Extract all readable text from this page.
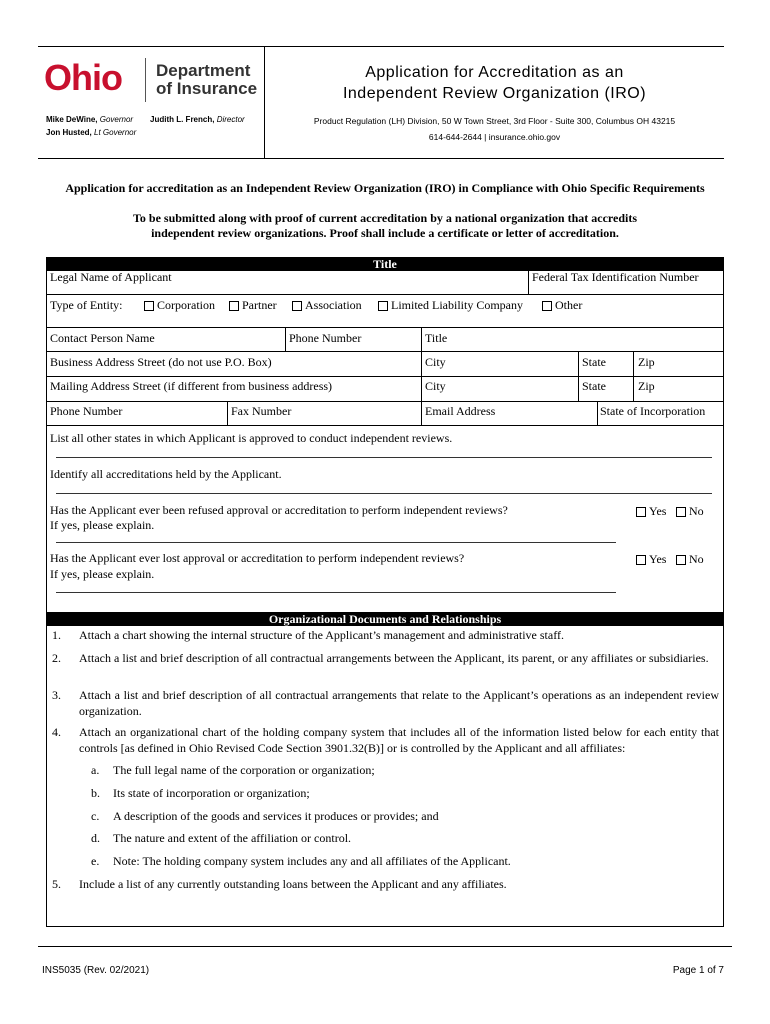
Ohio	Department
of Insurance
Mike DeWine, Governor Judith L. French, Director
Jon Husted, Lt Governor
Application for Accreditation as an
Independent Review Organization (IRO)
Product Regulation (LH) Division, 50 W Town Street, 3rd Floor - Suite 300, Columbus OH 43215
614-644-2644 | insurance.ohio.gov
Application for accreditation as an Independent Review Organization (IRO) in Compliance with Ohio Specific Requirements
To be submitted along with proof of current accreditation by a national organization that accredits
independent review organizations. Proof shall include a certificate or letter of accreditation.
Title
Legal Name of Applicant	Federal Tax Identification Number
Type of Entity:	Corporation Partner Association Limited Liability Company	Other
Contact Person Name	Phone Number	Title
Business Address Street (do not use P.O. Box)	City	State	Zip
Mailing Address Street (if different from business address)	City	State	Zip
Phone Number	Fax Number	Email Address	State of Incorporation
List all other states in which Applicant is approved to conduct independent reviews.
Identify all accreditations held by the Applicant.
Has the Applicant ever been refused approval or accreditation to perform independent reviews?
If yes, please explain.
Yes No
Has the Applicant ever lost approval or accreditation to perform independent reviews?
If yes, please explain.
Yes No
Organizational Documents and Relationships
1. Attach a chart showing the internal structure of the Applicant’s management and administrative staff.
2. Attach a list and brief description of all contractual arrangements between the Applicant, its parent, or any affiliates or subsidiaries.
3. Attach a list and brief description of all contractual arrangements that relate to the Applicant’s operations as an independent review organization.
4. Attach an organizational chart of the holding company system that includes all of the information listed below for each entity that controls [as defined in Ohio Revised Code Section 3901.32(B)] or is controlled by the Applicant and all affiliates:
a. The full legal name of the corporation or organization;
b. Its state of incorporation or organization;
c. A description of the goods and services it produces or provides; and
d. The nature and extent of the affiliation or control.
e. Note: The holding company system includes any and all affiliates of the Applicant.
5. Include a list of any currently outstanding loans between the Applicant and any affiliates.
INS5035 (Rev. 02/2021)	Page 1 of 7
